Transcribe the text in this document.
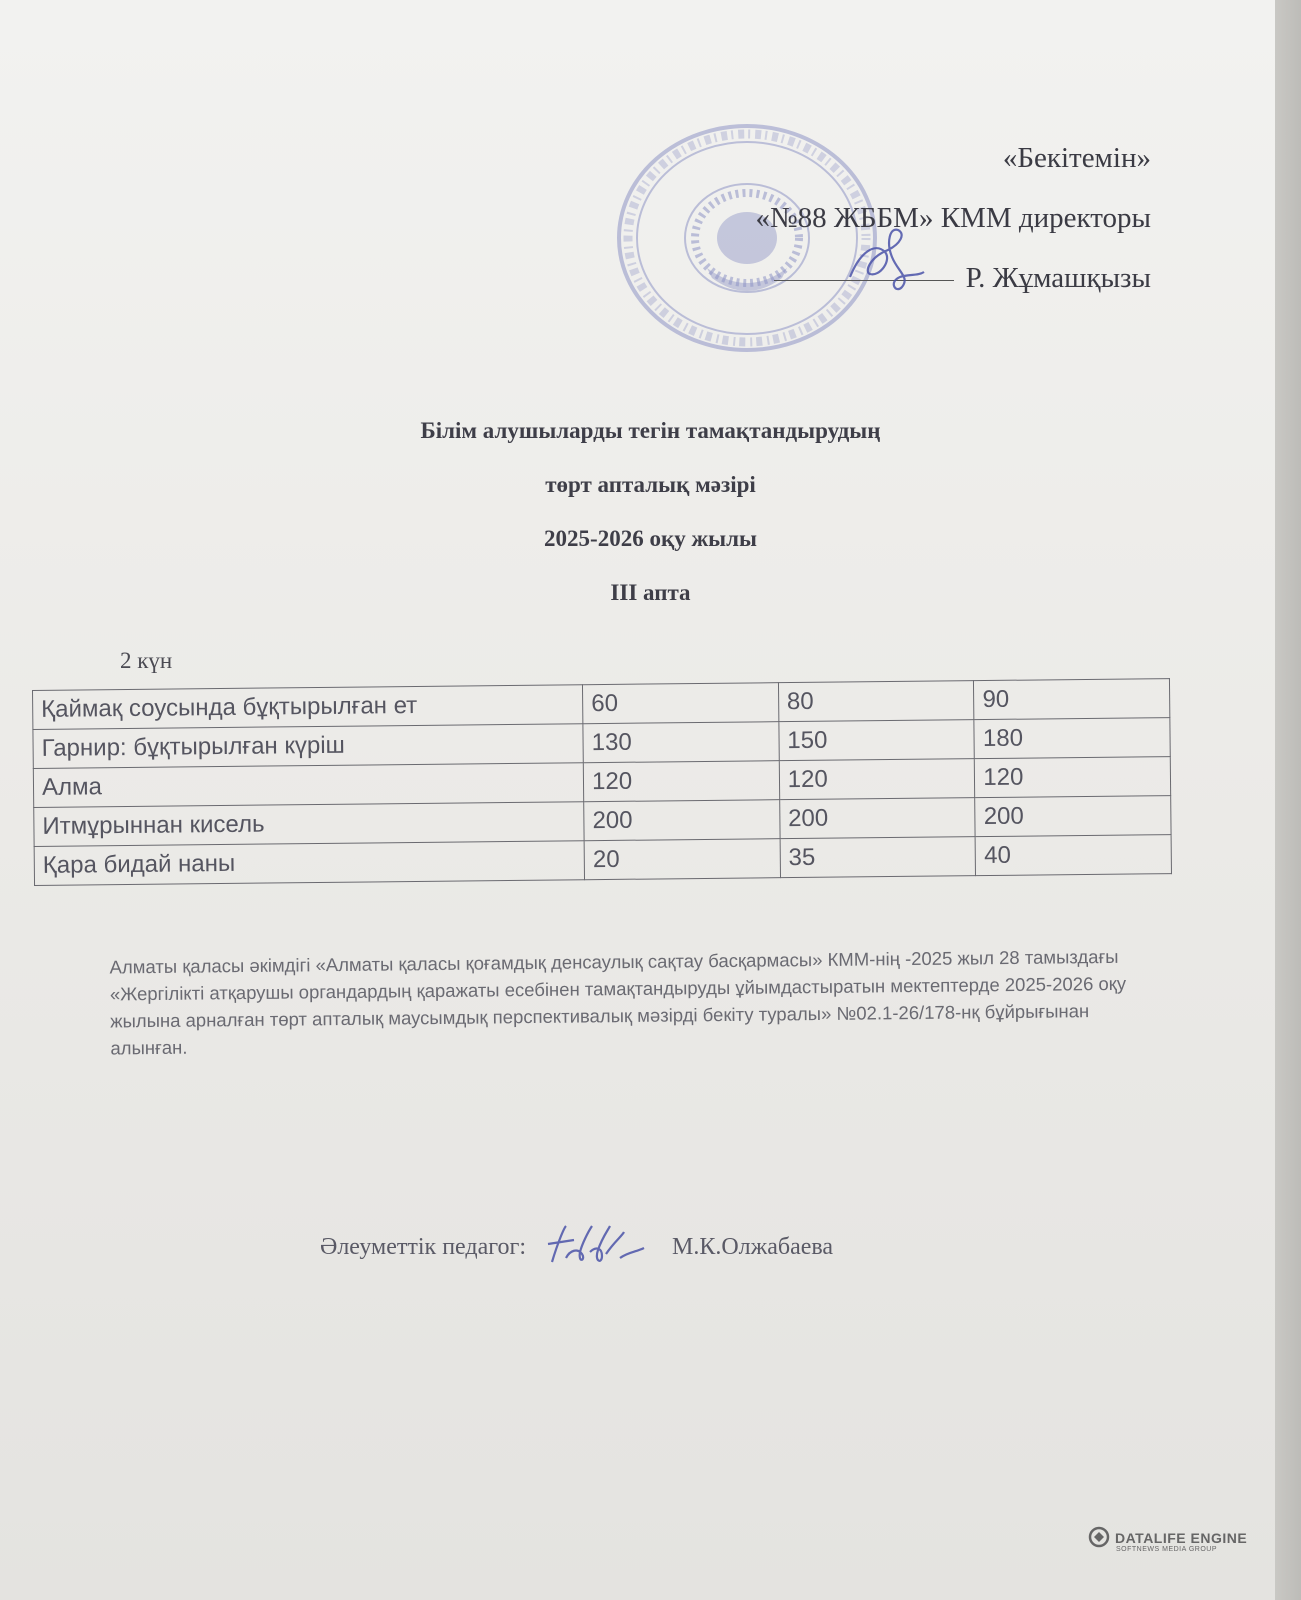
«Бекітемін»
«№88 ЖББМ» КММ директоры
Р. Жұмашқызы
Білім алушыларды тегін тамақтандырудың
төрт апталық мәзірі
2025-2026 оқу жылы
III апта
2 күн
Қаймақ соусында бұқтырылған ет	60	80	90
Гарнир: бұқтырылған күріш	130	150	180
Алма	120	120	120
Итмұрыннан кисель	200	200	200
Қара бидай наны	20	35	40
Алматы қаласы әкімдігі «Алматы қаласы қоғамдық денсаулық сақтау басқармасы» КММ-нің -2025 жыл 28 тамыздағы «Жергілікті атқарушы органдардың қаражаты есебінен тамақтандыруды ұйымдастыратын мектептерде 2025-2026 оқу жылына арналған төрт апталық маусымдық перспективалық мәзірді бекіту туралы» №02.1-26/178-нқ бұйрығынан алынған.
Әлеуметтік педагог:	М.К.Олжабаева
DATALIFE ENGINE
SOFTNEWS MEDIA GROUP
